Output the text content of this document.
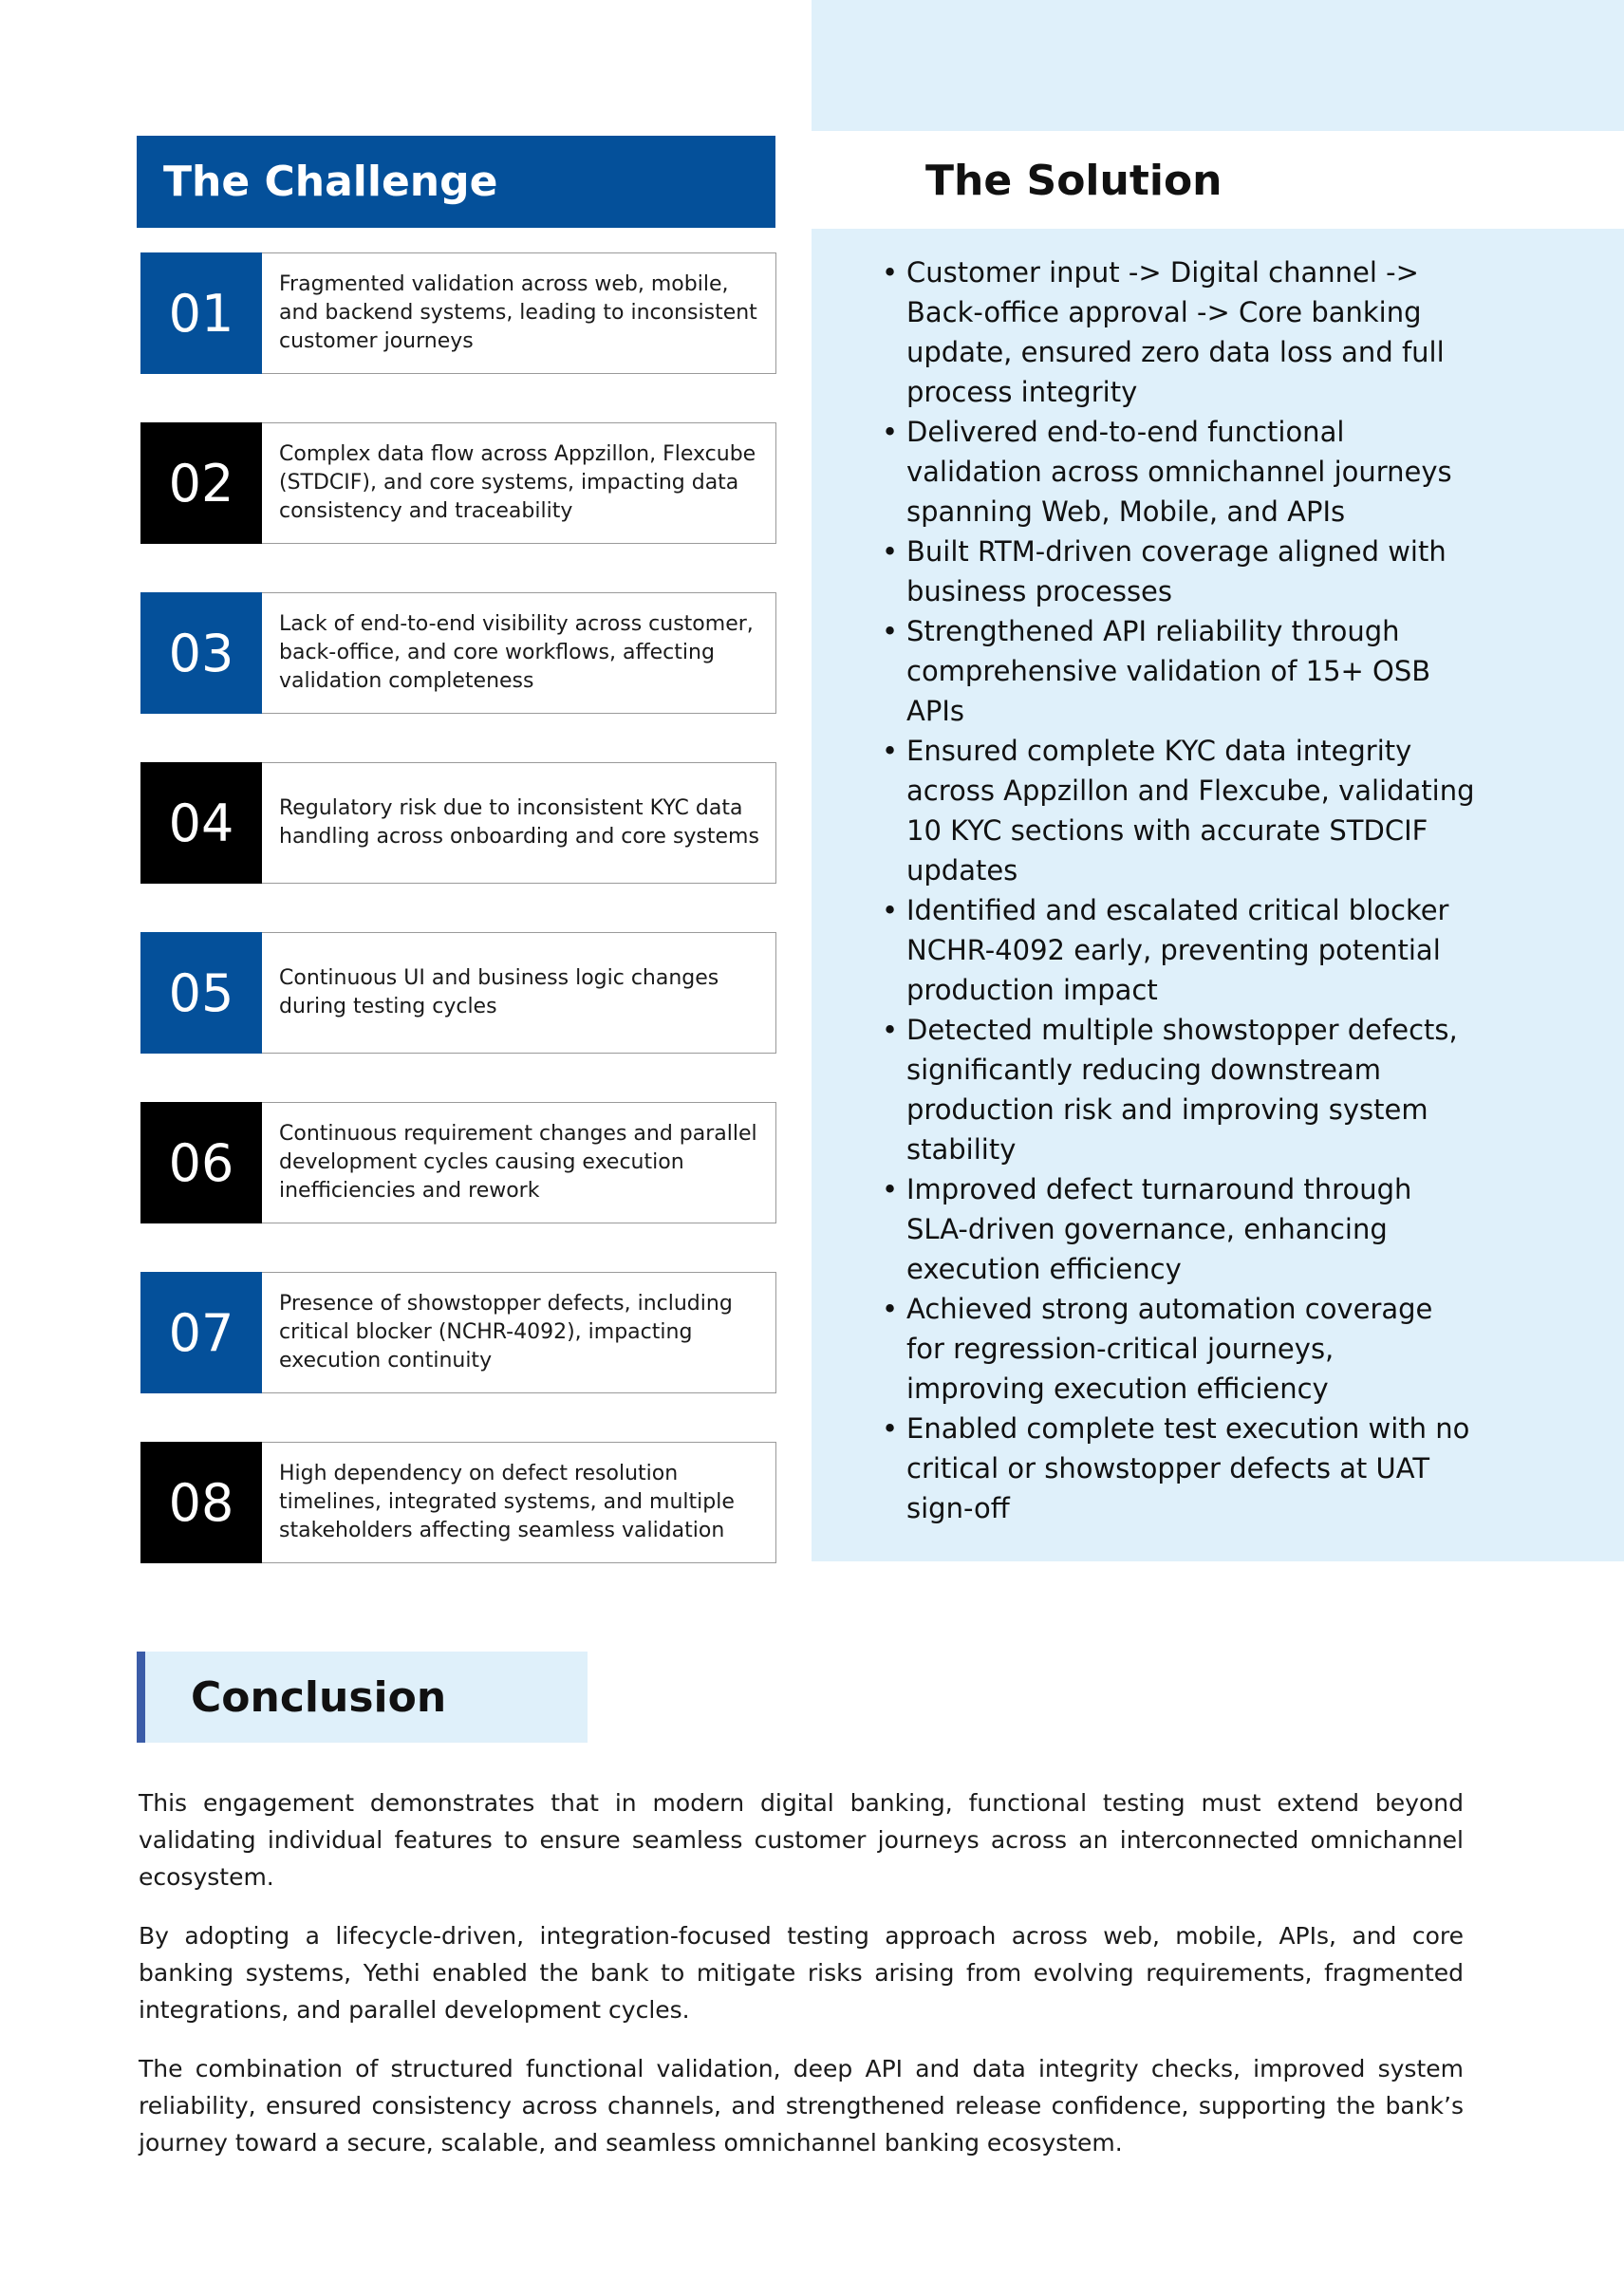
The Challenge	The Solution
01	Fragmented validation across web, mobile, and backend systems, leading to inconsistent customer journeys
02	Complex data flow across Appzillon, Flexcube (STDCIF), and core systems, impacting data consistency and traceability
03	Lack of end-to-end visibility across customer, back-office, and core workflows, affecting validation completeness
04	Regulatory risk due to inconsistent KYC data handling across onboarding and core systems
05	Continuous UI and business logic changes during testing cycles
06	Continuous requirement changes and parallel development cycles causing execution inefficiencies and rework
07	Presence of showstopper defects, including critical blocker (NCHR-4092), impacting execution continuity
08	High dependency on defect resolution timelines, integrated systems, and multiple stakeholders affecting seamless validation
• Customer input -> Digital channel -> Back-office approval -> Core banking update, ensured zero data loss and full process integrity
• Delivered end-to-end functional validation across omnichannel journeys spanning Web, Mobile, and APIs
• Built RTM-driven coverage aligned with business processes
• Strengthened API reliability through comprehensive validation of 15+ OSB APIs
• Ensured complete KYC data integrity across Appzillon and Flexcube, validating 10 KYC sections with accurate STDCIF updates
• Identified and escalated critical blocker NCHR-4092 early, preventing potential production impact
• Detected multiple showstopper defects, significantly reducing downstream production risk and improving system stability
• Improved defect turnaround through SLA-driven governance, enhancing execution efficiency
• Achieved strong automation coverage for regression-critical journeys, improving execution efficiency
• Enabled complete test execution with no critical or showstopper defects at UAT sign-off
Conclusion

This engagement demonstrates that in modern digital banking, functional testing must extend beyond validating individual features to ensure seamless customer journeys across an interconnected omnichannel ecosystem.

By adopting a lifecycle-driven, integration-focused testing approach across web, mobile, APIs, and core banking systems, Yethi enabled the bank to mitigate risks arising from evolving requirements, fragmented integrations, and parallel development cycles.

The combination of structured functional validation, deep API and data integrity checks, improved system reliability, ensured consistency across channels, and strengthened release confidence, supporting the bank’s journey toward a secure, scalable, and seamless omnichannel banking ecosystem.
